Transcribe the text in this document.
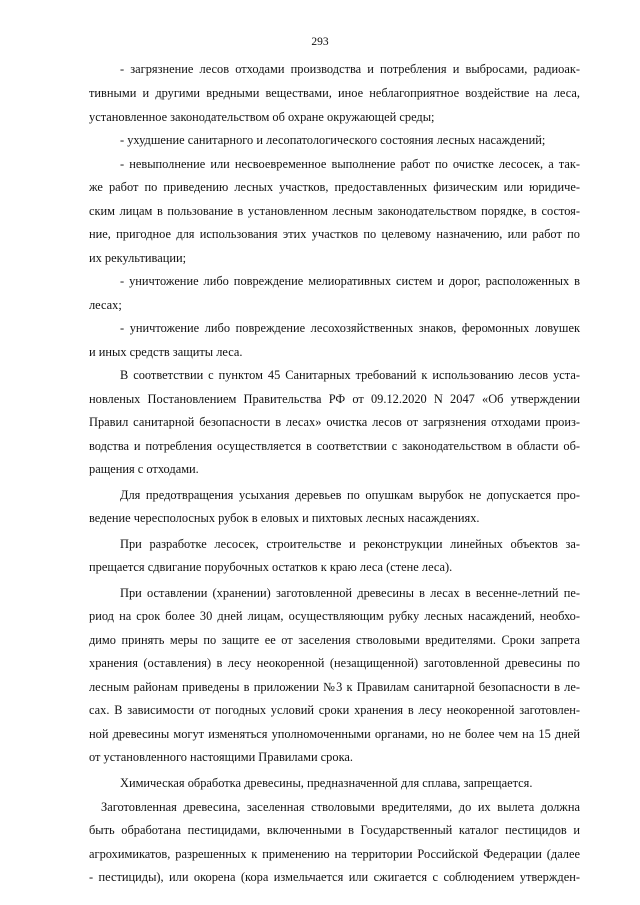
293
- загрязнение лесов отходами производства и потребления и выбросами, радиоак-
тивными и другими вредными веществами, иное неблагоприятное воздействие на леса,
установленное законодательством об охране окружающей среды;
- ухудшение санитарного и лесопатологического состояния лесных насаждений;
- невыполнение или несвоевременное выполнение работ по очистке лесосек, а так-
же работ по приведению лесных участков, предоставленных физическим или юридиче-
ским лицам в пользование в установленном лесным законодательством порядке, в состоя-
ние, пригодное для использования этих участков по целевому назначению, или работ по
их рекультивации;
- уничтожение либо повреждение мелиоративных систем и дорог, расположенных в
лесах;
- уничтожение либо повреждение лесохозяйственных знаков, феромонных ловушек
и иных средств защиты леса.
В соответствии с пунктом 45 Санитарных требований к использованию лесов уста-
новленых Постановлением Правительства РФ от 09.12.2020 N 2047 «Об утверждении
Правил санитарной безопасности в лесах» очистка лесов от загрязнения отходами произ-
водства и потребления осуществляется в соответствии с законодательством в области об-
ращения с отходами.
Для предотвращения усыхания деревьев по опушкам вырубок не допускается про-
ведение чересполосных рубок в еловых и пихтовых лесных насаждениях.
При разработке лесосек, строительстве и реконструкции линейных объектов за-
прещается сдвигание порубочных остатков к краю леса (стене леса).
При оставлении (хранении) заготовленной древесины в лесах в весенне-летний пе-
риод на срок более 30 дней лицам, осуществляющим рубку лесных насаждений, необхо-
димо принять меры по защите ее от заселения стволовыми вредителями. Сроки запрета
хранения (оставления) в лесу неокоренной (незащищенной) заготовленной древесины по
лесным районам приведены в приложении №3 к Правилам санитарной безопасности в ле-
сах. В зависимости от погодных условий сроки хранения в лесу неокоренной заготовлен-
ной древесины могут изменяться уполномоченными органами, но не более чем на 15 дней
от установленного настоящими Правилами срока.
Химическая обработка древесины, предназначенной для сплава, запрещается.
Заготовленная древесина, заселенная стволовыми вредителями, до их вылета должна
быть обработана пестицидами, включенными в Государственный каталог пестицидов и
агрохимикатов, разрешенных к применению на территории Российской Федерации (далее
- пестициды), или окорена (кора измельчается или сжигается с соблюдением утвержден-
